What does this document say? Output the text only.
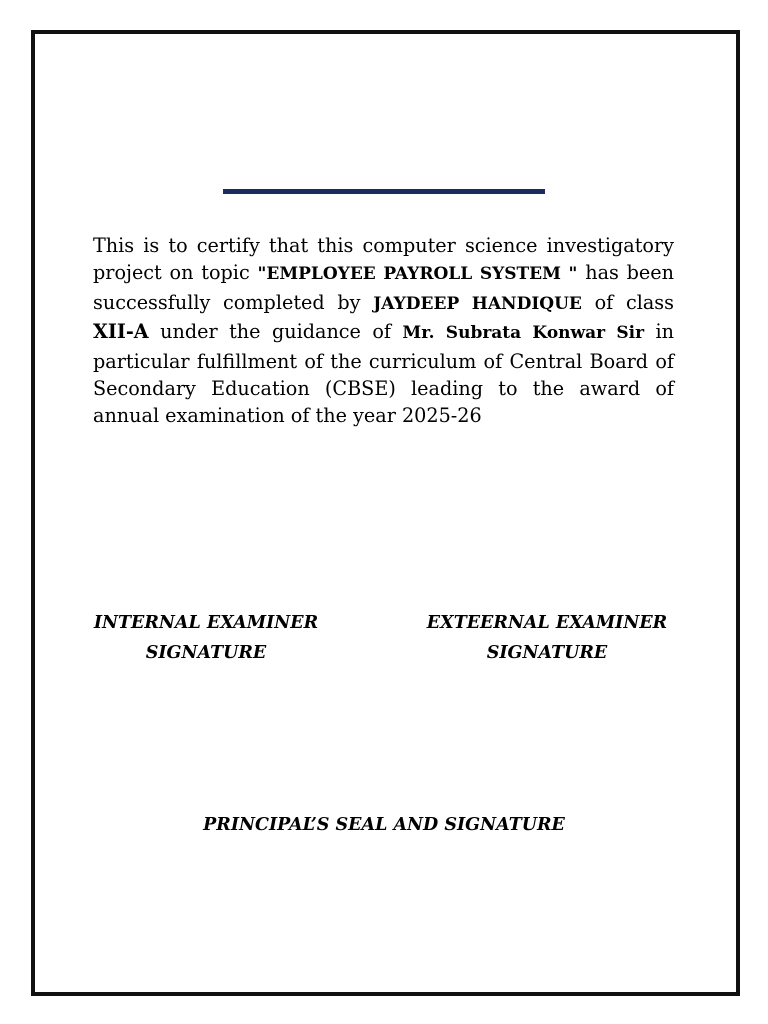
This is to certify that this computer science investigatory project on topic "EMPLOYEE PAYROLL SYSTEM " has been successfully completed by JAYDEEP HANDIQUE of class XII-A under the guidance of Mr. Subrata Konwar Sir in particular fulfillment of the curriculum of Central Board of Secondary Education (CBSE) leading to the award of annual examination of the year 2025-26

INTERNAL EXAMINER
SIGNATURE
EXTEERNAL EXAMINER
SIGNATURE
PRINCIPAL’S SEAL AND SIGNATURE
